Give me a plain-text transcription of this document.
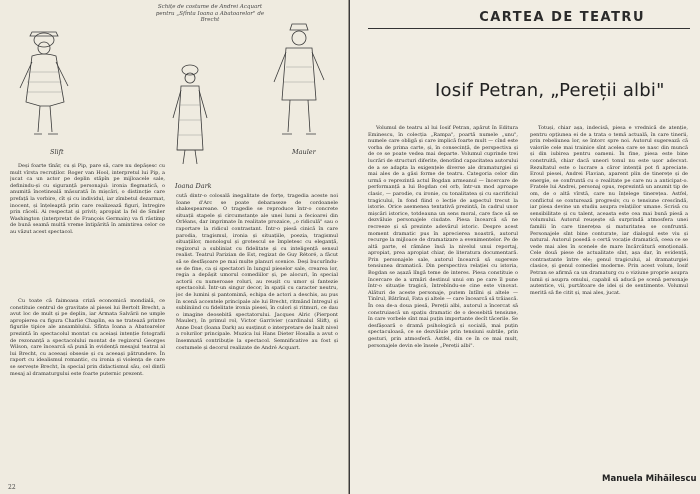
Schițe de costume de Andrei Acquart pentru „Sfînta Ioana a Abatoarelor" de Brecht
Slift
Ioana Dark
Mauler
Deși foarte tînăr, cu și Pip, pare să, care nu depășesc cu mult vîrsta recruților. Roger van Hool, interpretul lui Pip, a jucat ca un actor pe deplin stăpîn pe mijloacele sale, definindu-și cu siguranță personajul: ironia flegmatică, o anumită încetineală măsurată în mișcări, o distincție care prefață la vorbire, cît și cu individul, iar zîmbetul dezarmat, inocent, și înțeleaptă prin care realizează figuri, întregire prin răceli. Ai respectat și privit; apropiat la fel de Smiler Washington (interpretat de François Germain) va fi răstimp de bună seamă multă vreme întipărită în amintirea celor ce au văzut acest spectacol.
Cu toate că faimoasa criză economică mondială, ce constituie centrul de gravitate al piesei lui Bertolt Brecht, a avut loc de mult și pe deplin, iar Armata Salvării ne umple apropierea cu figura Charlie Chaplin, ea ne tratează printre figurile tipice ale ansamblului. Sfînta Ioana a Abatoarelor prezintă în spectacolul montat cu aceiași intenție fotografii de rezonanță a spectacolului montat de regizorul Georges Wilson, care încearcă să pună în evidență mesajul teatral al lui Brecht, cu aceeași obsesie și cu aceeași pătrundere. În raport cu idealismul romantic, cu ironia și violența de care se servește Brecht, în special prin didactismul său, cel dintîi mesaj al dramaturgului este foarte puternic prezent.
cută dintr-o colosală inegalitate de forțe, tragedia aceste noi Ioane d'Arc se poate debaraseze de cordoanele shakespeareane. O tragedie se reproduce într-o concrete situații stapele și circumstanțe ale unei lumi a fecioarei din Orléans, dar imprimate în realitate prozaice, „o ridiculă" sau o raportare la ridicul contrastant. Într-o piesă cinică în care parodia, tragismul, ironia și situațiile, poezia, tragismul situațiilor, monologul și grotescul se împletesc cu eleganță, regizorul a subliniat cu fidelitate și cu inteligență sensul realist. Teatrul Parizian de Est, regizat de Guy Rétoré, a făcut să se desfășoare pe mai multe planuri scenice. Deși bucurîndu-se de fine, ca și spectatori în lungul pieselor sale, crearea lor, regia a depășit umorul comediilor și, pe alocuri, în special actorii cu numeroase roluri, au reușit cu umor și fantezie spectacolul. Într-un singur decor, în spații cu caracter neutru, joc de lumini și pantomimă, echipa de actori a deschis, au pus în scenă accentele principale ale lui Brecht, ritmând întregul și subliniind cu fidelitate ironia piesei, în culori și ritmuri, ce dau o imagine deosebită spectatorului. Jacques Alric (Pierpont Mauler), în primul rol, Victor Garrivier (cardinalul Slift), și Anne Doat (Ioana Dark) au susținut o interpretare de înalt nivel a rolurilor principale. Muzica lui Hans Dieter Hosalla a avut o însemnată contribuție la spectacol. Semnificative au fost și costumele și decorul realizate de André Acquart.
22
CARTEA DE TEATRU
Iosif Petran, „Pereții albi"
Volumul de teatru al lui Iosif Petran, apărut în Editura Eminescu, în colecția „Rampa", poartă numele „unu", numele care obligă și care implică foarte mult — cînd este vorba de prima carte, și, în consecință, de perspectiva și de ce se poate vedea mai departe. Volumul cuprinde trei lucrări de structuri diferite, denotînd capacitatea autorului de a se adapta la exigențele diverse ale dramaturgiei și mai ales de a găsi forme de teatru. Categoria celor din urmă o reprezintă actul Bogdan armeanul — încercare de performanță a lui Bogdan cel orb, într-un mod aproape clasic, — parodie, cu ironie, cu tonalitatea și cu sacrificiul tragicului, în fond fiind o lecție de aspectul trecut la istorie. Orice asemenea tentativă prezintă, în cadrul unor mișcări istorice, totdeauna un sens moral, care face să se dezvăluie personajele ciudate. Piesa încearcă să ne recreeze și să prezinte adevărul istoric. Despre acest moment dramatic pus în aprecierea noastră, autorul recurge la mijloace de dramatizare a evenimentelor. Pe de altă parte, el rămâne însă la nivelul unui reportaj, apropiat, prea apropiat chiar, de literatura documentară. Prin personajele sale, autorul încearcă să sugereze tensiunea dramatică. Din perspectiva relației cu istoria, Bogdan se așază lîngă teme de interes. Piesa constituie o încercare de a urmări destinul unui om pe care îl pune într-o situație tragică, întrebîndu-se cine este vinovat. Alături de aceste personaje, putem întîlni și altele — Tinîrul, Bătrînul, Fata și altele — care încearcă să trăiască. În cea de-a doua piesă, Pereții albi, autorul a încercat să construiască un spațiu dramatic de o deosebită tensiune, în care vorbele sînt mai puțin importante decît tăcerile. Se desfășoară o dramă psihologică și socială, mai puțin spectaculoasă, ce se dezvăluie prin tensiuni subtile, prin gesturi, prin atmosferă. Astfel, din ce în ce mai mult, personajele devin ele însele „Pereții albi".
Totuși, chiar așa, indecisă, piesa e vrednică de atenție, pentru opțiunea ei de a trata o temă actuală, în care tinerii, prin rebeliunea lor, se întorc spre noi. Autorul sugerează că valorile cele mai trainice sînt acelea care se nasc din muncă și din iubirea pentru oameni. În fine, piesa este bine construită, chiar dacă uneori tonul nu este ușor adecvat. Rezultatul este o lucrare a căror intenții pot fi apreciate. Eroul piesei, Andrei Flavian, aparent plin de tinerețe și de energie, se confruntă cu o realitate pe care nu a anticipat-o. Fratele lui Andrei, personaj opus, reprezintă un anumit tip de om, de o altă vîrstă, care nu înțelege tinerețea. Astfel, conflictul se conturează progresiv, cu o tensiune crescîndă, iar piesa devine un studiu asupra relațiilor umane. Scrisă cu sensibilitate și cu talent, aceasta este cea mai bună piesă a volumului. Autorul reușește să surprindă atmosfera unei familii în care tinerețea și maturitatea se confruntă. Personajele sînt bine conturate, iar dialogul este viu și natural. Autorul posedă o certă vocație dramatică, ceea ce se vede mai ales în scenele de mare încărcătură emoțională. Cele două piese de actualitate sînt, așa dar, în evidență, contrastante între ele; genul tragicului, al dramaturgiei clasice, și genul comediei moderne. Prin acest volum, Iosif Petran se afirmă ca un dramaturg cu o viziune proprie asupra lumii și asupra omului, capabil să aducă pe scenă personaje autentice, vii, purtătoare de idei și de sentimente. Volumul merită să fie citit și, mai ales, jucat.
Manuela Mihăilescu
